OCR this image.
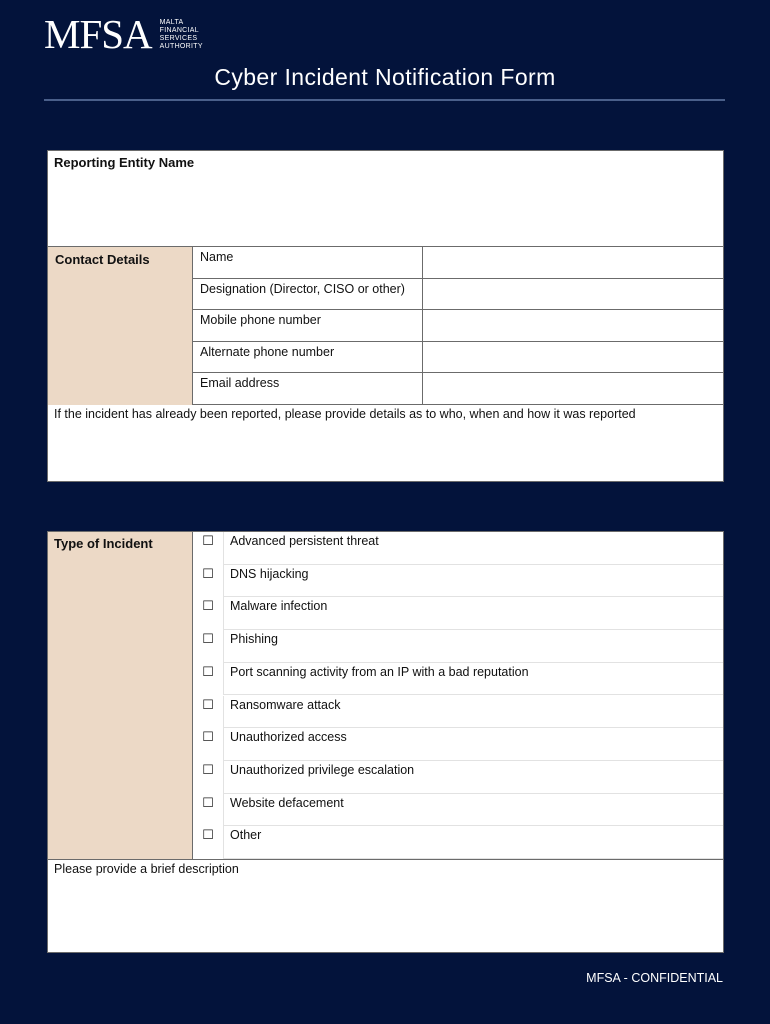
MFSA MALTA
FINANCIAL
SERVICES
AUTHORITY
Cyber Incident Notification Form
Reporting Entity Name
Contact Details	Name
Designation (Director, CISO or other)
Mobile phone number
Alternate phone number
Email address
If the incident has already been reported, please provide details as to who, when and how it was reported
Type of Incident	☐	Advanced persistent threat
☐	DNS hijacking
☐	Malware infection
☐	Phishing
☐	Port scanning activity from an IP with a bad reputation
☐	Ransomware attack
☐	Unauthorized access
☐	Unauthorized privilege escalation
☐	Website defacement
☐	Other
Please provide a brief description
MFSA - CONFIDENTIAL
